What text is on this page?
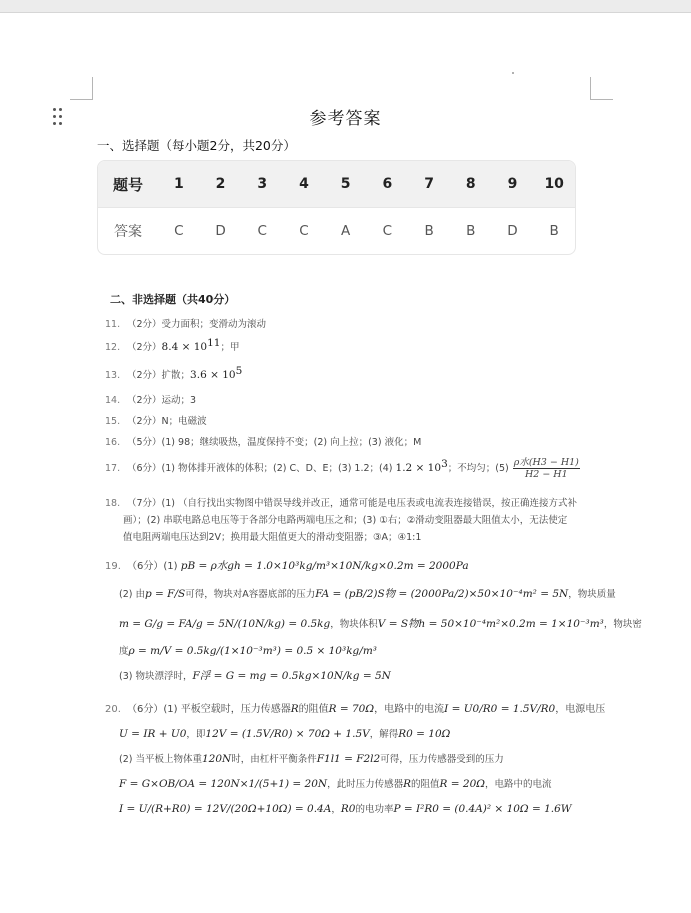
参考答案
一、选择题（每小题2分，共20分）
题号	1	2	3	4	5	6	7	8	9	10
答案	C	D	C	C	A	C	B	B	D	B
二、非选择题（共40分）
11. （2分）受力面积；变滑动为滚动
12. （2分）$8.4 \times 10^{11}$；甲
13. （2分）扩散；$3.6 \times 10^5$
14. （2分）运动；3
15. （2分）N；电磁波
16. （5分）(1) 98；继续吸热，温度保持不变；(2) 向上拉；(3) 液化；M
17. （6分）(1) 物体排开液体的体积；(2) C、D、E；(3) 1.2；(4) $1.2 \times 10^3$；不均匀；$(5) \frac{\text{ρ水(H3 − H1)}}{H2 - H1}$
18. （7分）(1) （自行找出实物图中错误导线并改正，通常可能是电压表或电流表连接错误，按正确连接方式补
画）；(2) 串联电路总电压等于各部分电路两端电压之和；(3) ①右；②滑动变阻器最大阻值太小，无法使定
值电阻两端电压达到2V；换用最大阻值更大的滑动变阻器；③A；④1:1
19. （6分）(1) pB = ρ水gh = 1.0×10³kg/m³×10N/kg×0.2m = 2000Pa
(2) 由p = F/S可得，物块对A容器底部的压力FA = (pB/2)S物 = (2000Pa/2)×50×10⁻⁴m² = 5N，物块质量
m = G/g = FA/g = 5N/(10N/kg) = 0.5kg，物块体积V = S物h = 50×10⁻⁴m²×0.2m = 1×10⁻³m³，物块密
度ρ = m/V = 0.5kg/(1×10⁻³m³) = 0.5 × 10³kg/m³
(3) 物块漂浮时，F浮 = G = mg = 0.5kg×10N/kg = 5N
20. （6分）(1) 平板空载时，压力传感器R的阻值R = 70Ω，电路中的电流I = U0/R0 = 1.5V/R0，电源电压
U = IR + U0，即12V = (1.5V/R0) × 70Ω + 1.5V，解得R0 = 10Ω
(2) 当平板上物体重120N时，由杠杆平衡条件F1l1 = F2l2可得，压力传感器受到的压力
F = G×OB/OA = 120N×1/(5+1) = 20N，此时压力传感器R的阻值R = 20Ω，电路中的电流
I = U/(R+R0) = 12V/(20Ω+10Ω) = 0.4A，R0的电功率P = I²R0 = (0.4A)² × 10Ω = 1.6W
